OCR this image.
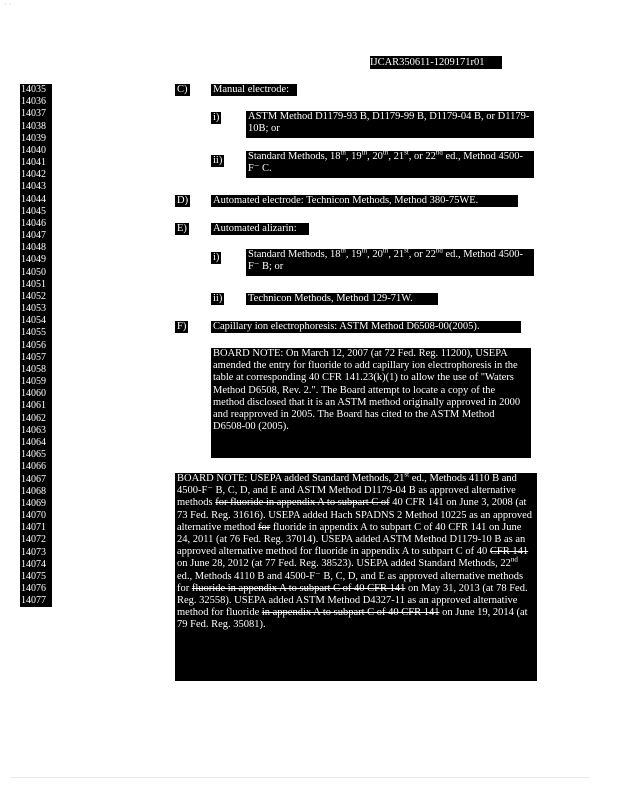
⋅ ⋅
IJCAR350611-1209171r01
14035
14036
14037
14038
14039
14040
14041
14042
14043
14044
14045
14046
14047
14048
14049
14050
14051
14052
14053
14054
14055
14056
14057
14058
14059
14060
14061
14062
14063
14064
14065
14066
14067
14068
14069
14070
14071
14072
14073
14074
14075
14076
14077
C) Manual electrode:
i)	ASTM Method D1179-93 B, D1179-99 B, D1179-04 B, or D1179-10B; or
ii) Standard Methods, 18th, 19th, 20th, 21st, or 22nd ed., Method 4500-F⁻ C.
D) Automated electrode: Technicon Methods, Method 380-75WE.
E) Automated alizarin:
i)	Standard Methods, 18th, 19th, 20th, 21st, or 22nd ed., Method 4500-F⁻ B; or
ii) Technicon Methods, Method 129-71W.
F)	Capillary ion electrophoresis: ASTM Method D6508-00(2005).
BOARD NOTE: On March 12, 2007 (at 72 Fed. Reg. 11200), USEPA amended the entry for fluoride to add capillary ion electrophoresis in the table at corresponding 40 CFR 141.23(k)(1) to allow the use of "Waters Method D6508, Rev. 2.". The Board attempt to locate a copy of the method disclosed that it is an ASTM method originally approved in 2000 and reapproved in 2005. The Board has cited to the ASTM Method D6508-00 (2005).
BOARD NOTE: USEPA added Standard Methods, 21st ed., Methods 4110 B and 4500-F⁻ B, C, D, and E and ASTM Method D1179-04 B as approved alternative methods for fluoride in appendix A to subpart C of 40 CFR 141 on June 3, 2008 (at 73 Fed. Reg. 31616). USEPA added Hach SPADNS 2 Method 10225 as an approved alternative method for fluoride in appendix A to subpart C of 40 CFR 141 on June 24, 2011 (at 76 Fed. Reg. 37014). USEPA added ASTM Method D1179-10 B as an approved alternative method for fluoride in appendix A to subpart C of 40 CFR 141 on June 28, 2012 (at 77 Fed. Reg. 38523). USEPA added Standard Methods, 22nd ed., Methods 4110 B and 4500-F⁻ B, C, D, and E as approved alternative methods for fluoride in appendix A to subpart C of 40 CFR 141 on May 31, 2013 (at 78 Fed. Reg. 32558). USEPA added ASTM Method D4327-11 as an approved alternative method for fluoride in appendix A to subpart C of 40 CFR 141 on June 19, 2014 (at 79 Fed. Reg. 35081).
